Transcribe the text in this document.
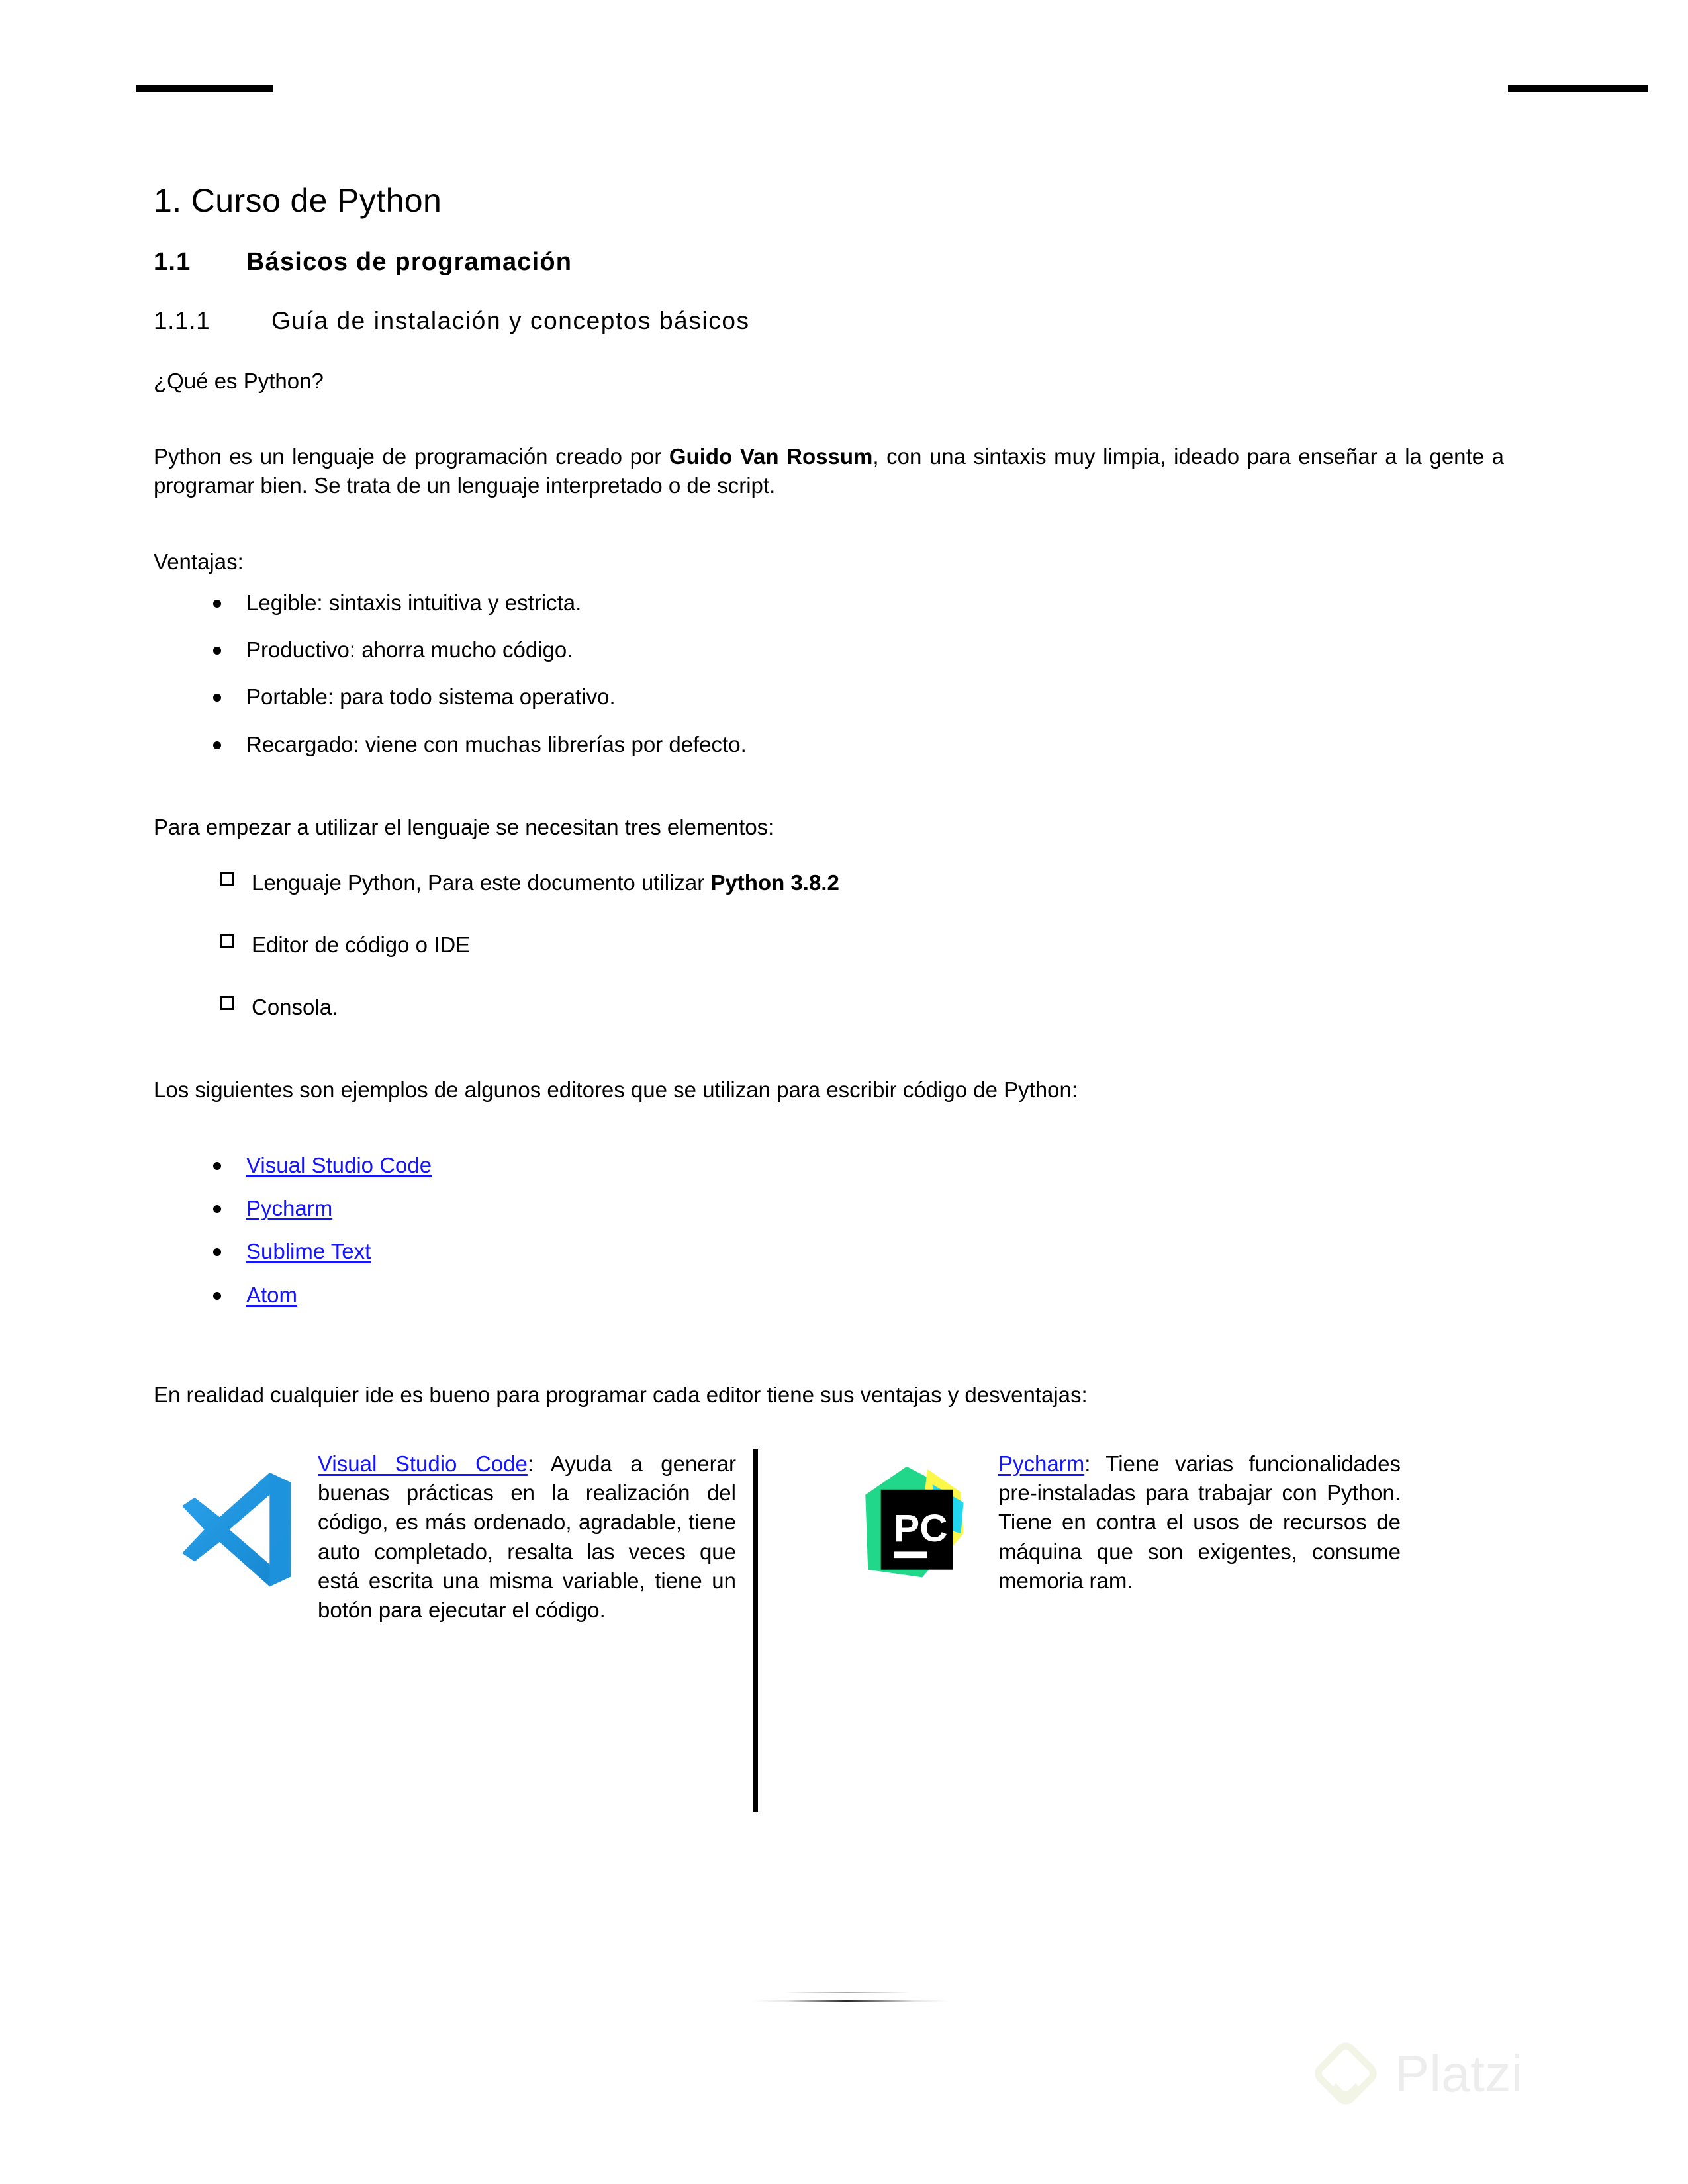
1. Curso de Python
1.1 Básicos de programación
1.1.1	Guía de instalación y conceptos básicos

¿Qué es Python?

Python es un lenguaje de programación creado por Guido Van Rossum, con una sintaxis muy limpia, ideado para enseñar a la gente a programar bien. Se trata de un lenguaje interpretado o de script.

Ventajas:

Legible: sintaxis intuitiva y estricta.
Productivo: ahorra mucho código.
Portable: para todo sistema operativo.
Recargado: viene con muchas librerías por defecto.

Para empezar a utilizar el lenguaje se necesitan tres elementos:

Lenguaje Python, Para este documento utilizar Python 3.8.2
Editor de código o IDE
Consola.

Los siguientes son ejemplos de algunos editores que se utilizan para escribir código de Python:

Visual Studio Code
Pycharm
Sublime Text
Atom

En realidad cualquier ide es bueno para programar cada editor tiene sus ventajas y desventajas:

Visual Studio Code: Ayuda a generar buenas prácticas en la realización del código, es más ordenado, agradable, tiene auto completado, resalta las veces que está escrita una misma variable, tiene un botón para ejecutar el código.

PC

Pycharm: Tiene varias funcionalidades pre-instaladas para trabajar con Python. Tiene en contra el usos de recursos de máquina que son exigentes, consume memoria ram.

Platzi
